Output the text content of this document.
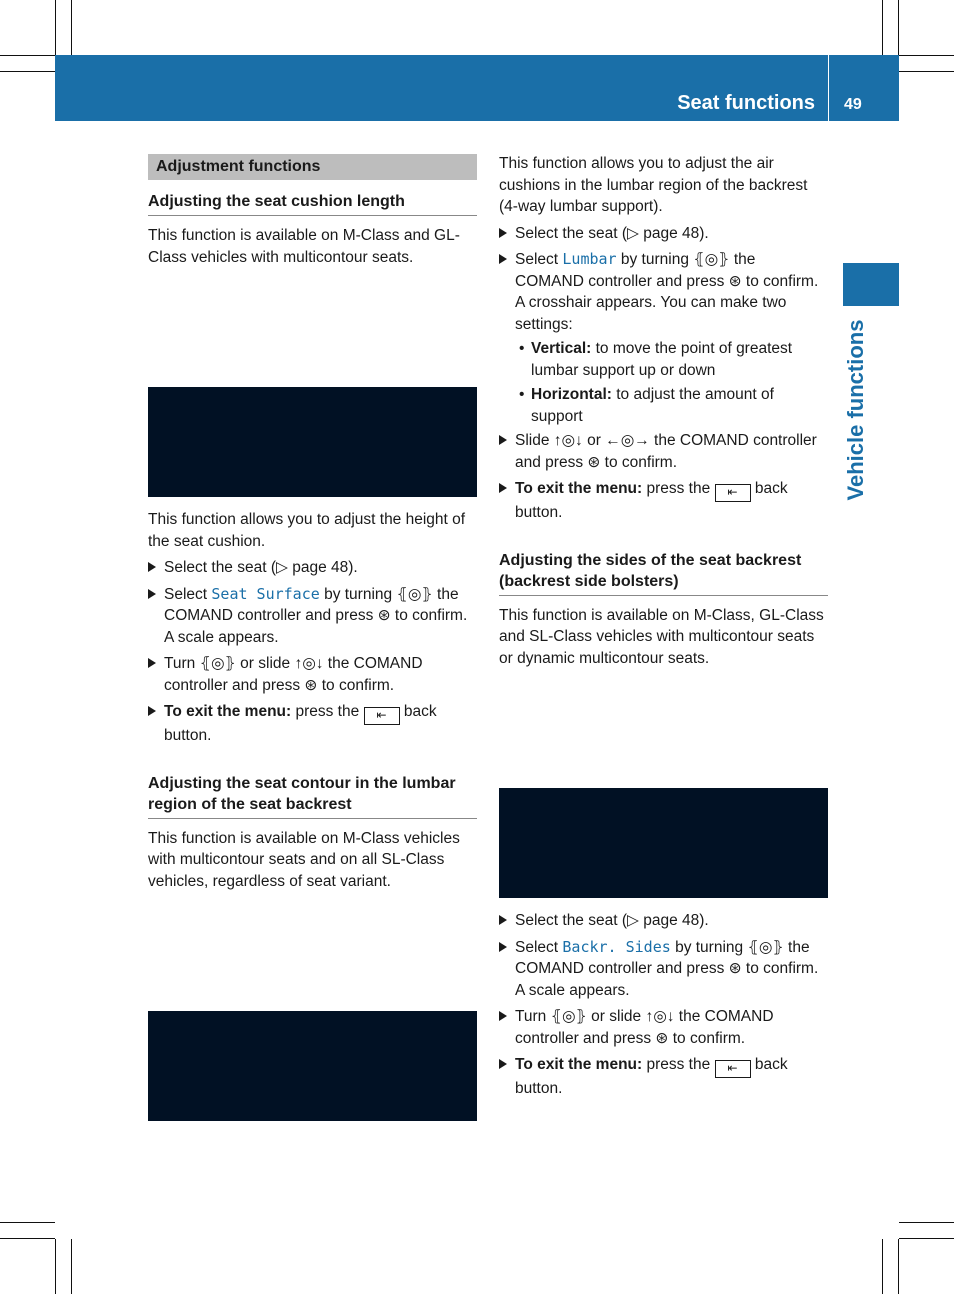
Seat functions 49
Vehicle functions
Adjustment functions
Adjusting the seat cushion length

This function is available on M-Class and GL-Class vehicles with multicontour seats.

This function allows you to adjust the height of the seat cushion.

Select the seat (▷ page 48).
Select Seat Surface by turning ⦃◎⦄ the COMAND controller and press ⊛ to confirm.
A scale appears.
Turn ⦃◎⦄ or slide ↑◎↓ the COMAND controller and press ⊛ to confirm.
To exit the menu: press the ⇤ back button.
Adjusting the seat contour in the lumbar region of the seat backrest

This function is available on M-Class vehicles with multicontour seats and on all SL-Class vehicles, regardless of seat variant.

This function allows you to adjust the air cushions in the lumbar region of the backrest (4-way lumbar support).

Select the seat (▷ page 48).
Select Lumbar by turning ⦃◎⦄ the COMAND controller and press ⊛ to confirm.
A crosshair appears. You can make two settings:
• Vertical: to move the point of greatest lumbar support up or down
• Horizontal: to adjust the amount of support
Slide ↑◎↓ or ←◎→ the COMAND controller and press ⊛ to confirm.
To exit the menu: press the ⇤ back button.
Adjusting the sides of the seat backrest (backrest side bolsters)

This function is available on M-Class, GL-Class and SL-Class vehicles with multicontour seats or dynamic multicontour seats.

Select the seat (▷ page 48).
Select Backr. Sides by turning ⦃◎⦄ the COMAND controller and press ⊛ to confirm.
A scale appears.
Turn ⦃◎⦄ or slide ↑◎↓ the COMAND controller and press ⊛ to confirm.
To exit the menu: press the ⇤ back button.
